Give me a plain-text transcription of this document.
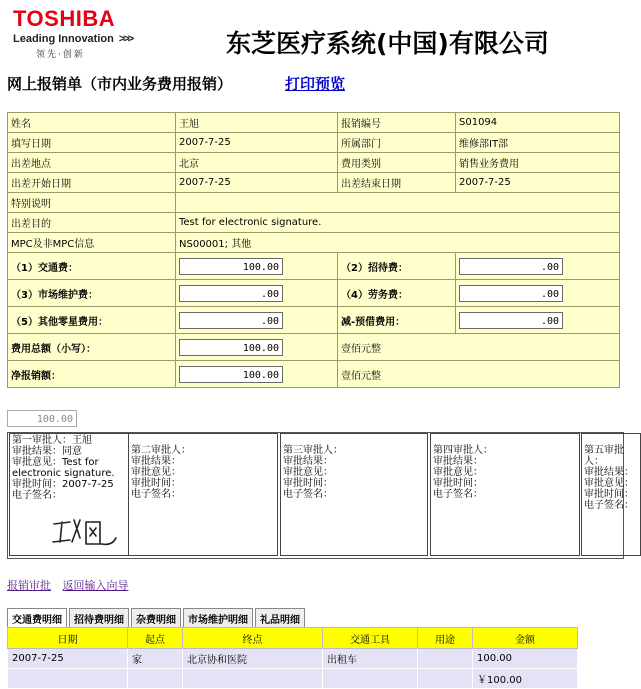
TOSHIBA
Leading Innovation >>>
领先·创新	东芝医疗系统(中国)有限公司
网上报销单（市内业务费用报销）	打印预览
姓名	王旭	报销编号	S01094
填写日期	2007-7-25	所属部门	维修部IT部
出差地点	北京	费用类别	销售业务费用
出差开始日期	2007-7-25	出差结束日期	2007-7-25
特别说明			
出差目的	Test for electronic signature.		
MPC及非MPC信息	NS00001; 其他		
（1）交通费：	100.00	（2）招待费：	.00
（3）市场维护费：	.00	（4）劳务费：	.00
（5）其他零星费用：	.00	减-预借费用：	.00
费用总额（小写）：	100.00	壹佰元整	
净报销额：	100.00	壹佰元整	
100.00
第一审批人：王旭
审批结果：同意
审批意见：Test for
electronic signature.
审批时间：2007-7-25
电子签名：
第二审批人：
审批结果：
审批意见：
审批时间：
电子签名：
第三审批人：
审批结果：
审批意见：
审批时间：
电子签名：
第四审批人：
审批结果：
审批意见：
审批时间：
电子签名：
第五审批人：
审批结果：
审批意见：
审批时间：
电子签名：
报销审批 返回输入向导
交通费明细 招待费明细 杂费明细 市场维护明细 礼品明细
日期	起点	终点	交通工具	用途	金额
2007-7-25	家	北京协和医院	出租车		100.00
					￥100.00
